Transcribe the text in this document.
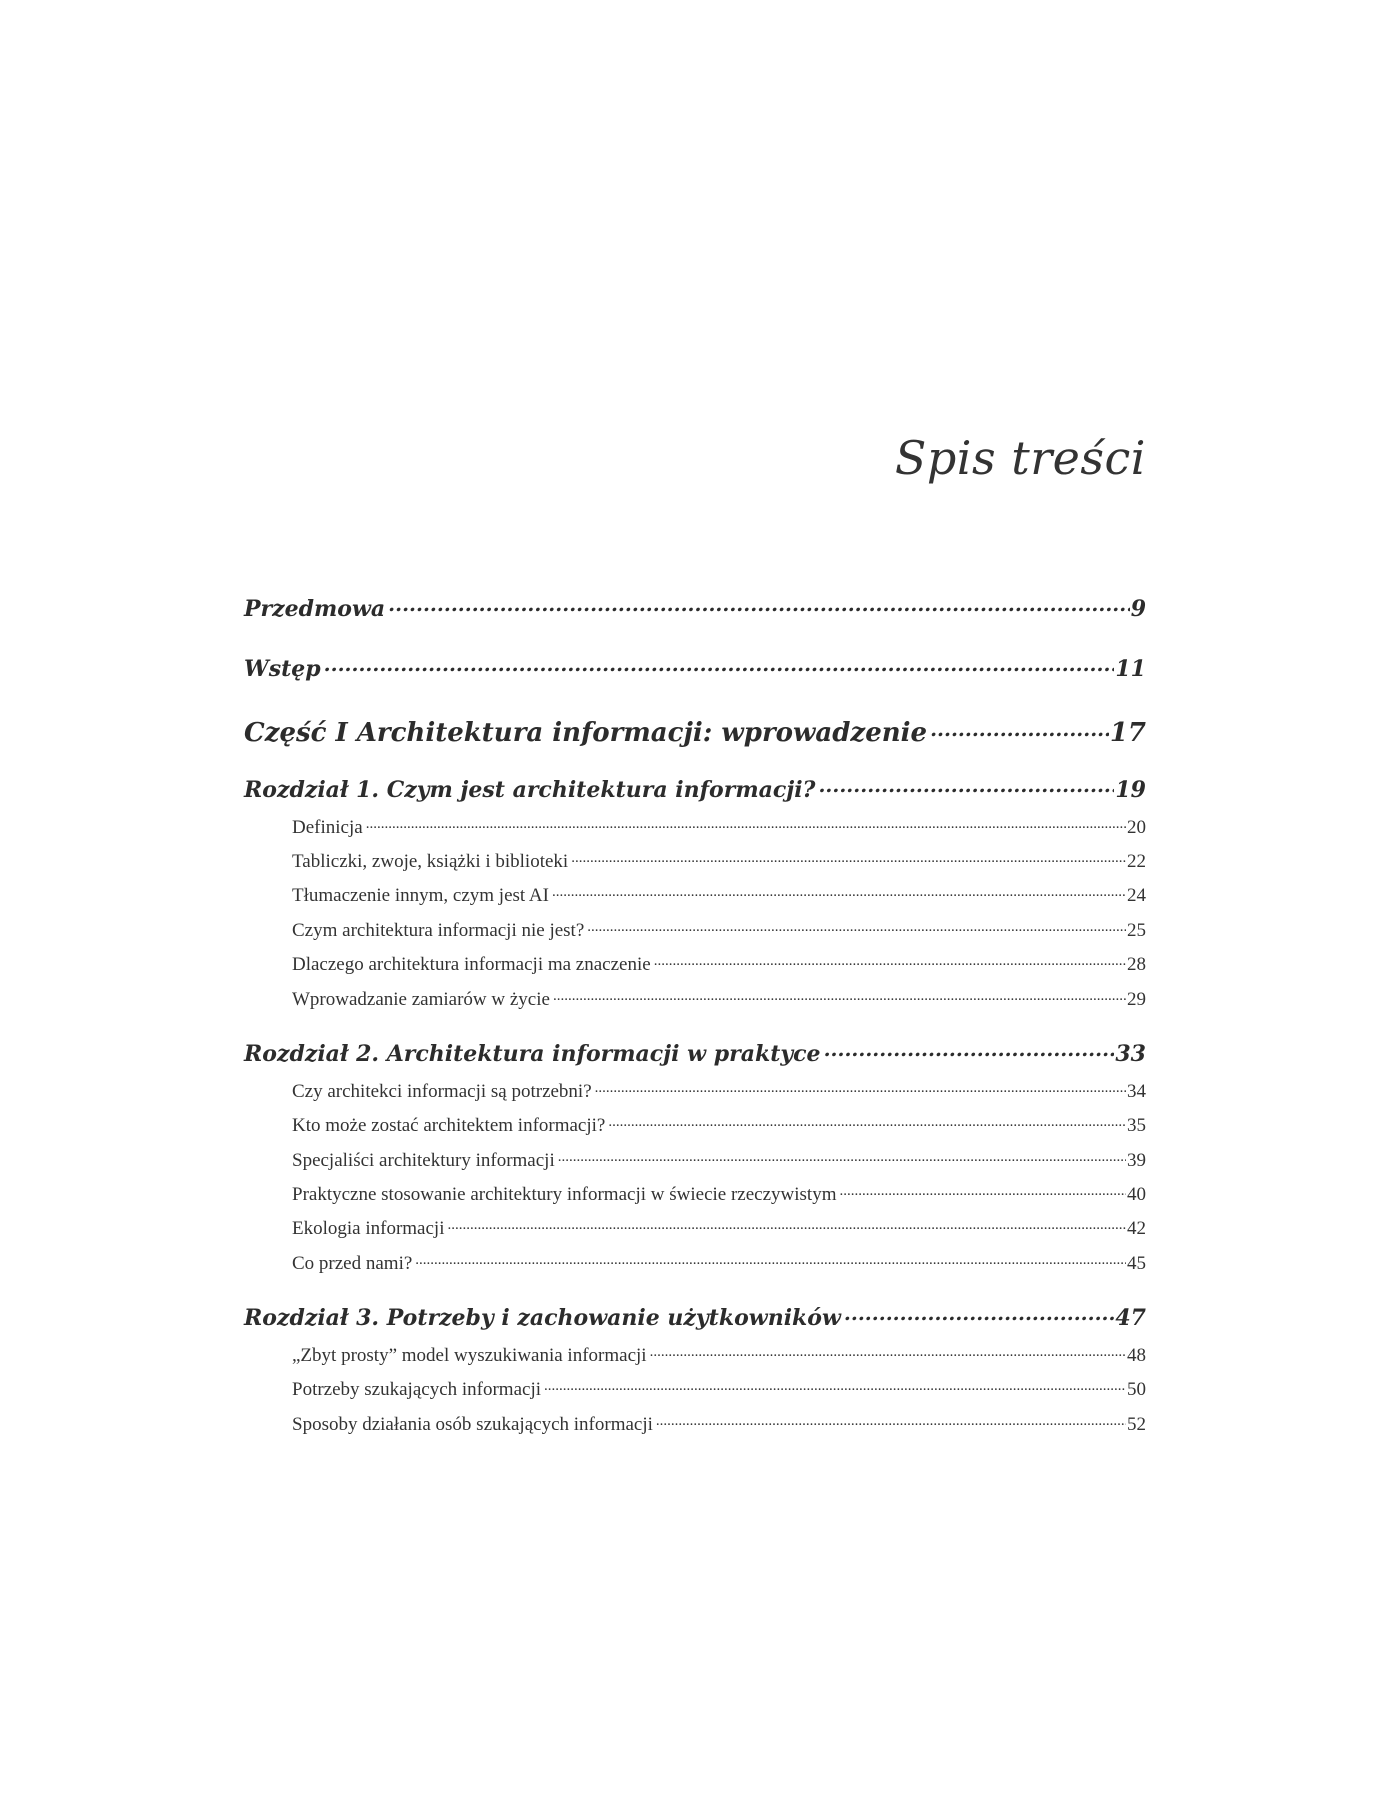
Spis treści
Przedmowa .....	9
Wstęp .....	11
Część I Architektura informacji: wprowadzenie .....	17
Rozdział 1. Czym jest architektura informacji? .....	19
Definicja .....	20
Tabliczki, zwoje, książki i biblioteki .....	22
Tłumaczenie innym, czym jest AI .....	24
Czym architektura informacji nie jest? .....	25
Dlaczego architektura informacji ma znaczenie .....	28
Wprowadzanie zamiarów w życie .....	29
Rozdział 2. Architektura informacji w praktyce .....	33
Czy architekci informacji są potrzebni? .....	34
Kto może zostać architektem informacji? .....	35
Specjaliści architektury informacji .....	39
Praktyczne stosowanie architektury informacji w świecie rzeczywistym .....	40
Ekologia informacji .....	42
Co przed nami? .....	45
Rozdział 3. Potrzeby i zachowanie użytkowników .....	47
„Zbyt prosty” model wyszukiwania informacji .....	48
Potrzeby szukających informacji .....	50
Sposoby działania osób szukających informacji .....	52
